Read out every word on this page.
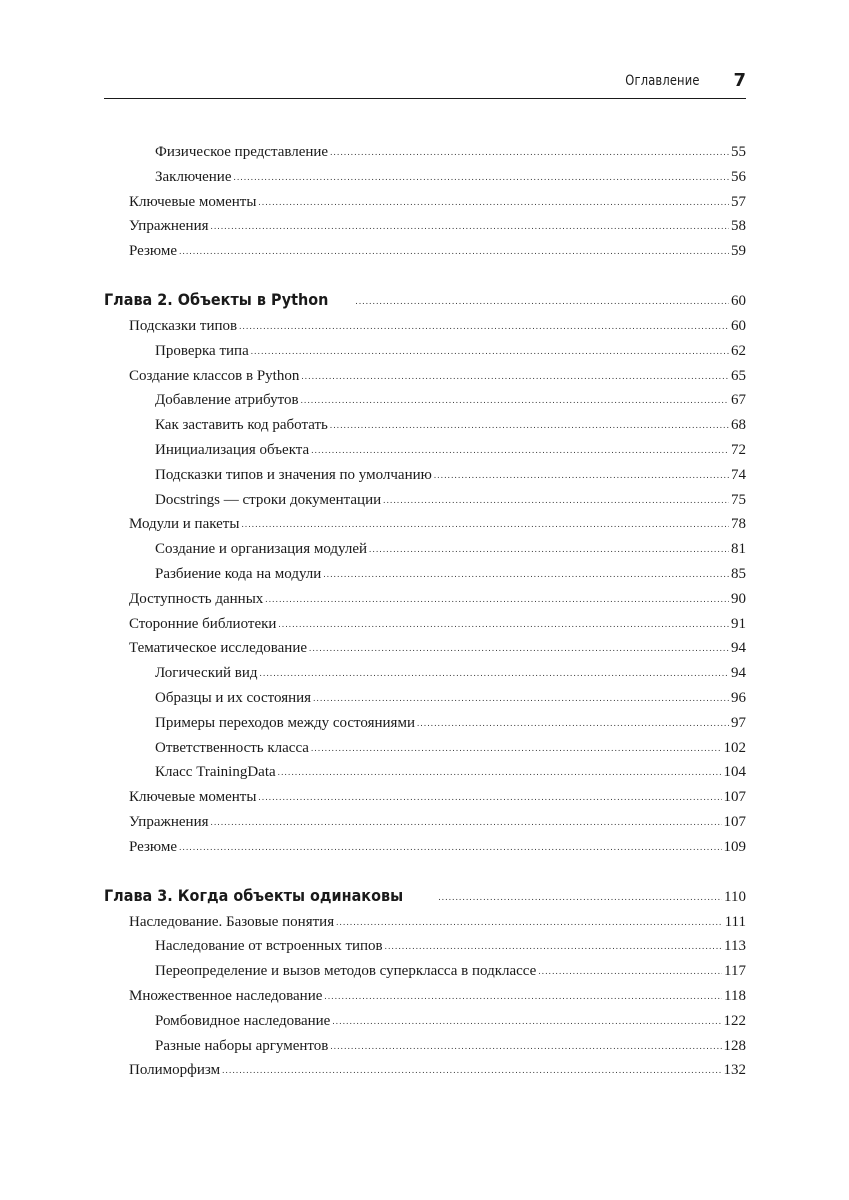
Оглавление 7
Физическое представление .....	55
Заключение .....	56
Ключевые моменты .....	57
Упражнения .....	58
Резюме .....	59
Глава 2. Объекты в Python .....	60
Подсказки типов .....	60
Проверка типа .....	62
Создание классов в Python .....	65
Добавление атрибутов .....	67
Как заставить код работать .....	68
Инициализация объекта .....	72
Подсказки типов и значения по умолчанию .....	74
Docstrings — строки документации .....	75
Модули и пакеты .....	78
Создание и организация модулей .....	81
Разбиение кода на модули .....	85
Доступность данных .....	90
Сторонние библиотеки .....	91
Тематическое исследование .....	94
Логический вид .....	94
Образцы и их состояния .....	96
Примеры переходов между состояниями .....	97
Ответственность класса .....	102
Класс TrainingData .....	104
Ключевые моменты .....	107
Упражнения .....	107
Резюме .....	109
Глава 3. Когда объекты одинаковы .....	110
Наследование. Базовые понятия .....	111
Наследование от встроенных типов .....	113
Переопределение и вызов методов суперкласса в подклассе .....	117
Множественное наследование .....	118
Ромбовидное наследование .....	122
Разные наборы аргументов .....	128
Полиморфизм .....	132
